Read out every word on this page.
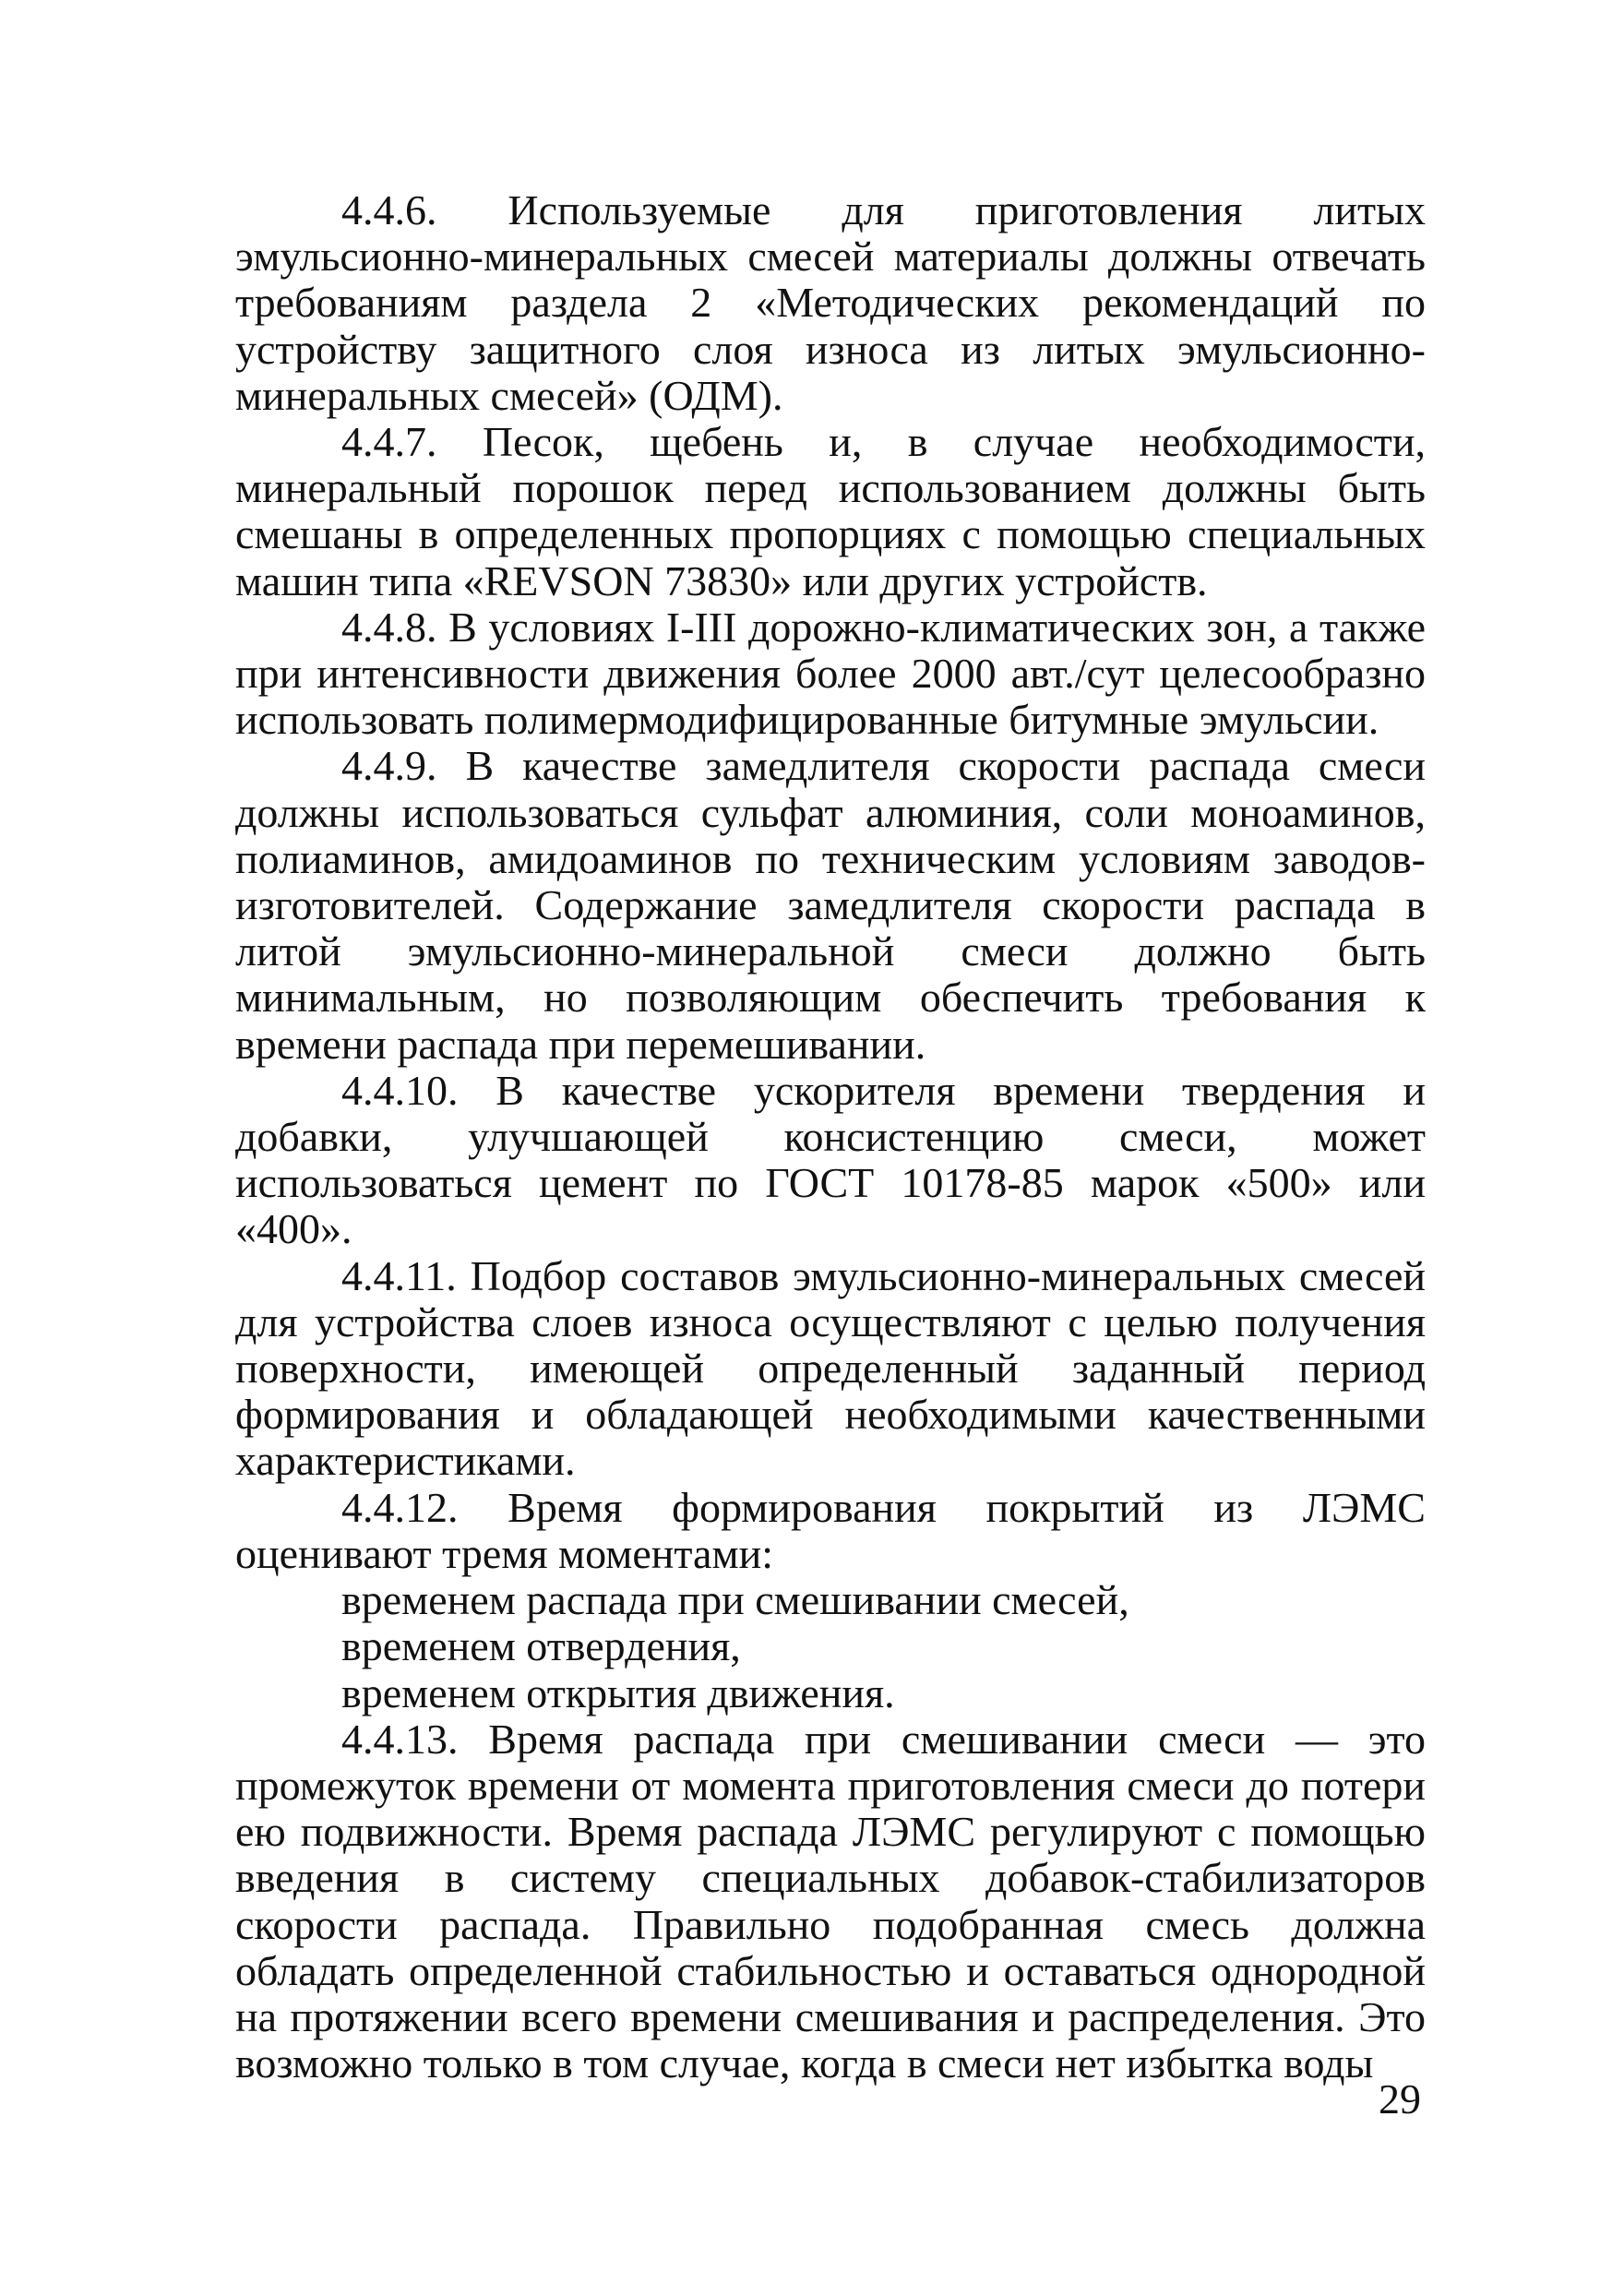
4.4.6. Используемые для приготовления литых эмульсионно-минеральных смесей материалы должны отвечать требованиям раздела 2 «Методических рекомендаций по устройству защитного слоя износа из литых эмульсионно-минеральных смесей» (ОДМ).

4.4.7. Песок, щебень и, в случае необходимости, минеральный порошок перед использованием должны быть смешаны в определенных пропорциях с помощью специальных машин типа «REVSON 73830» или других устройств.

4.4.8. В условиях I-III дорожно-климатических зон, а также при интенсивности движения более 2000 авт./сут целесообразно использовать полимермодифицированные битумные эмульсии.

4.4.9. В качестве замедлителя скорости распада смеси должны использоваться сульфат алюминия, соли моноаминов, полиаминов, амидоаминов по техническим условиям заводов-изготовителей. Содержание замедлителя скорости распада в литой эмульсионно-минеральной смеси должно быть минимальным, но позволяющим обеспечить требования к времени распада при перемешивании.

4.4.10. В качестве ускорителя времени твердения и добавки, улучшающей консистенцию смеси, может использоваться цемент по ГОСТ 10178-85 марок «500» или «400».

4.4.11. Подбор составов эмульсионно-минеральных смесей для устройства слоев износа осуществляют с целью получения поверхности, имеющей определенный заданный период формирования и обладающей необходимыми качественными характеристиками.

4.4.12. Время формирования покрытий из ЛЭМС оценивают тремя моментами:

временем распада при смешивании смесей,

временем отвердения,

временем открытия движения.

4.4.13. Время распада при смешивании смеси — это промежуток времени от момента приготовления смеси до потери ею подвижности. Время распада ЛЭМС регулируют с помощью введения в систему специальных добавок-стабилизаторов скорости распада. Правильно подобранная смесь должна обладать определенной стабильностью и оставаться однородной на протяжении всего времени смешивания и распределения. Это возможно только в том случае, когда в смеси нет избытка воды

29
